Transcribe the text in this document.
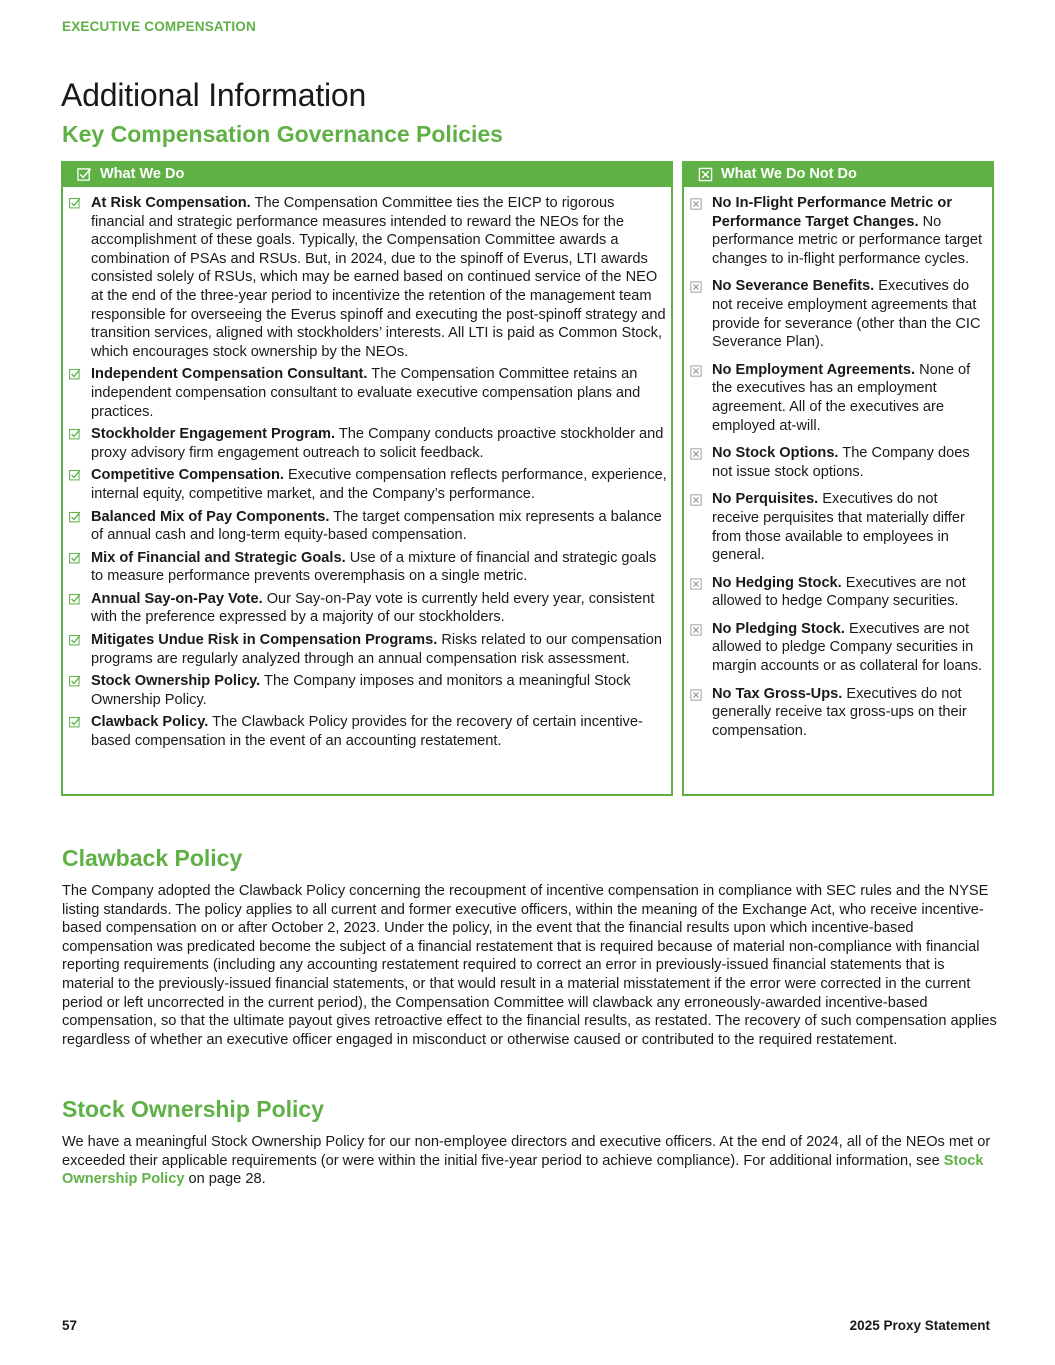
EXECUTIVE COMPENSATION
Additional Information
Key Compensation Governance Policies
What We Do
At Risk Compensation. The Compensation Committee ties the EICP to rigorous financial and strategic performance measures intended to reward the NEOs for the accomplishment of these goals. Typically, the Compensation Committee awards a combination of PSAs and RSUs. But, in 2024, due to the spinoff of Everus, LTI awards consisted solely of RSUs, which may be earned based on continued service of the NEO at the end of the three-year period to incentivize the retention of the management team responsible for overseeing the Everus spinoff and executing the post-spinoff strategy and transition services, aligned with stockholders’ interests. All LTI is paid as Common Stock, which encourages stock ownership by the NEOs.
Independent Compensation Consultant. The Compensation Committee retains an independent compensation consultant to evaluate executive compensation plans and practices.
Stockholder Engagement Program. The Company conducts proactive stockholder and proxy advisory firm engagement outreach to solicit feedback.
Competitive Compensation. Executive compensation reflects performance, experience, internal equity, competitive market, and the Company’s performance.
Balanced Mix of Pay Components. The target compensation mix represents a balance of annual cash and long-term equity-based compensation.
Mix of Financial and Strategic Goals. Use of a mixture of financial and strategic goals to measure performance prevents overemphasis on a single metric.
Annual Say-on-Pay Vote. Our Say-on-Pay vote is currently held every year, consistent with the preference expressed by a majority of our stockholders.
Mitigates Undue Risk in Compensation Programs. Risks related to our compensation programs are regularly analyzed through an annual compensation risk assessment.
Stock Ownership Policy. The Company imposes and monitors a meaningful Stock Ownership Policy.
Clawback Policy. The Clawback Policy provides for the recovery of certain incentive-based compensation in the event of an accounting restatement.
What We Do Not Do
No In-Flight Performance Metric or Performance Target Changes. No performance metric or performance target changes to in-flight performance cycles.
No Severance Benefits. Executives do not receive employment agreements that provide for severance (other than the CIC Severance Plan).
No Employment Agreements. None of the executives has an employment agreement. All of the executives are employed at-will.
No Stock Options. The Company does not issue stock options.
No Perquisites. Executives do not receive perquisites that materially differ from those available to employees in general.
No Hedging Stock. Executives are not allowed to hedge Company securities.
No Pledging Stock. Executives are not allowed to pledge Company securities in margin accounts or as collateral for loans.
No Tax Gross-Ups. Executives do not generally receive tax gross-ups on their compensation.
Clawback Policy

The Company adopted the Clawback Policy concerning the recoupment of incentive compensation in compliance with SEC rules and the NYSE listing standards. The policy applies to all current and former executive officers, within the meaning of the Exchange Act, who receive incentive-based compensation on or after October 2, 2023. Under the policy, in the event that the financial results upon which incentive-based compensation was predicated become the subject of a financial restatement that is required because of material non-compliance with financial reporting requirements (including any accounting restatement required to correct an error in previously-issued financial statements that is material to the previously-issued financial statements, or that would result in a material misstatement if the error were corrected in the current period or left uncorrected in the current period), the Compensation Committee will clawback any erroneously-awarded incentive-based compensation, so that the ultimate payout gives retroactive effect to the financial results, as restated. The recovery of such compensation applies regardless of whether an executive officer engaged in misconduct or otherwise caused or contributed to the required restatement.

Stock Ownership Policy

We have a meaningful Stock Ownership Policy for our non-employee directors and executive officers. At the end of 2024, all of the NEOs met or exceeded their applicable requirements (or were within the initial five-year period to achieve compliance). For additional information, see Stock Ownership Policy on page 28.

57	2025 Proxy Statement
